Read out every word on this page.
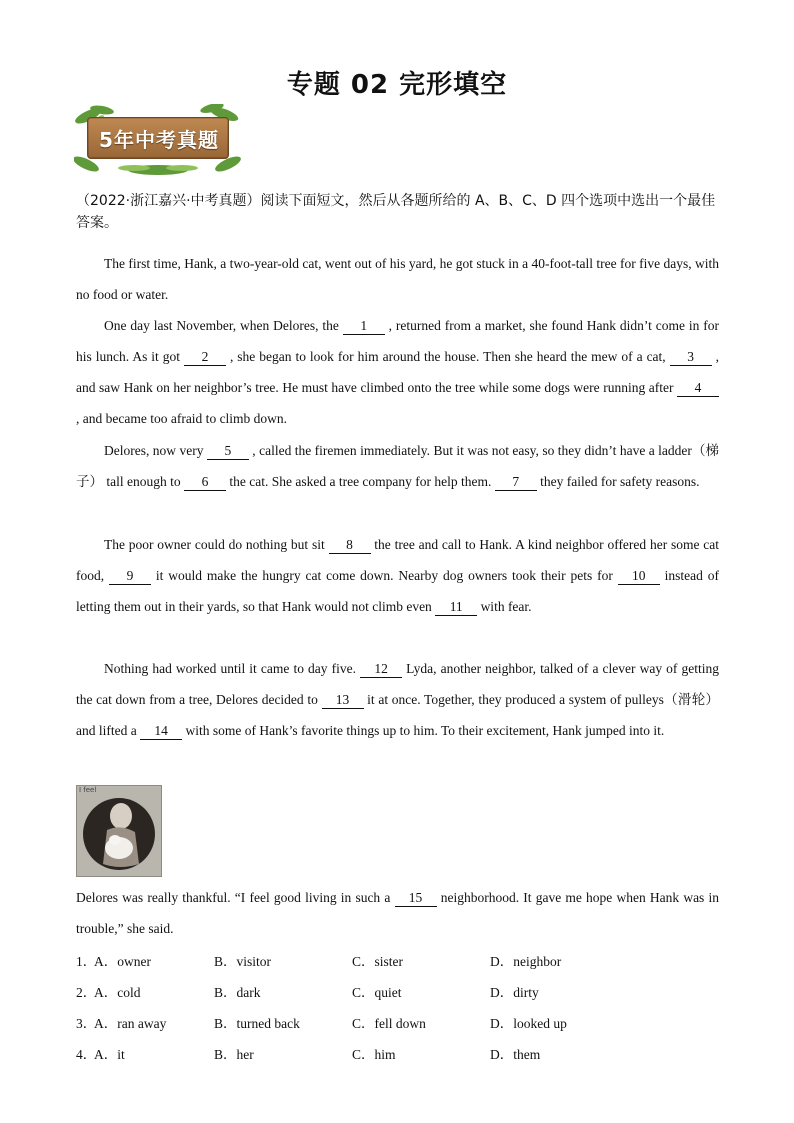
专题 02 完形填空
5年中考真题
（2022·浙江嘉兴·中考真题）阅读下面短文，然后从各题所给的 A、B、C、D 四个选项中选出一个最佳答案。

The first time, Hank, a two-year-old cat, went out of his yard, he got stuck in a 40-foot-tall tree for five days, with no food or water.

One day last November, when Delores, the 1 , returned from a market, she found Hank didn’t come in for his lunch. As it got 2 , she began to look for him around the house. Then she heard the mew of a cat, 3 , and saw Hank on her neighbor’s tree. He must have climbed onto the tree while some dogs were running after 4 , and became too afraid to climb down.

Delores, now very 5 , called the firemen immediately. But it was not easy, so they didn’t have a ladder（梯子） tall enough to 6 the cat. She asked a tree company for help them. 7 they failed for safety reasons.

The poor owner could do nothing but sit 8 the tree and call to Hank. A kind neighbor offered her some cat food, 9 it would make the hungry cat come down. Nearby dog owners took their pets for 10 instead of letting them out in their yards, so that Hank would not climb even 11 with fear.

Nothing had worked until it came to day five. 12 Lyda, another neighbor, talked of a clever way of getting the cat down from a tree, Delores decided to 13 it at once. Together, they produced a system of pulleys（滑轮） and lifted a 14 with some of Hank’s favorite things up to him. To their excitement, Hank jumped into it.

I feel

Delores was really thankful. “I feel good living in such a 15 neighborhood. It gave me hope when Hank was in trouble,” she said.

1．
A．owner	B．visitor	C．sister	D．neighbor
2．
A．cold	B．dark	C．quiet	D．dirty
3．
A．ran away	B．turned back	C．fell down	D．looked up
4．
A．it	B．her	C．him	D．them
